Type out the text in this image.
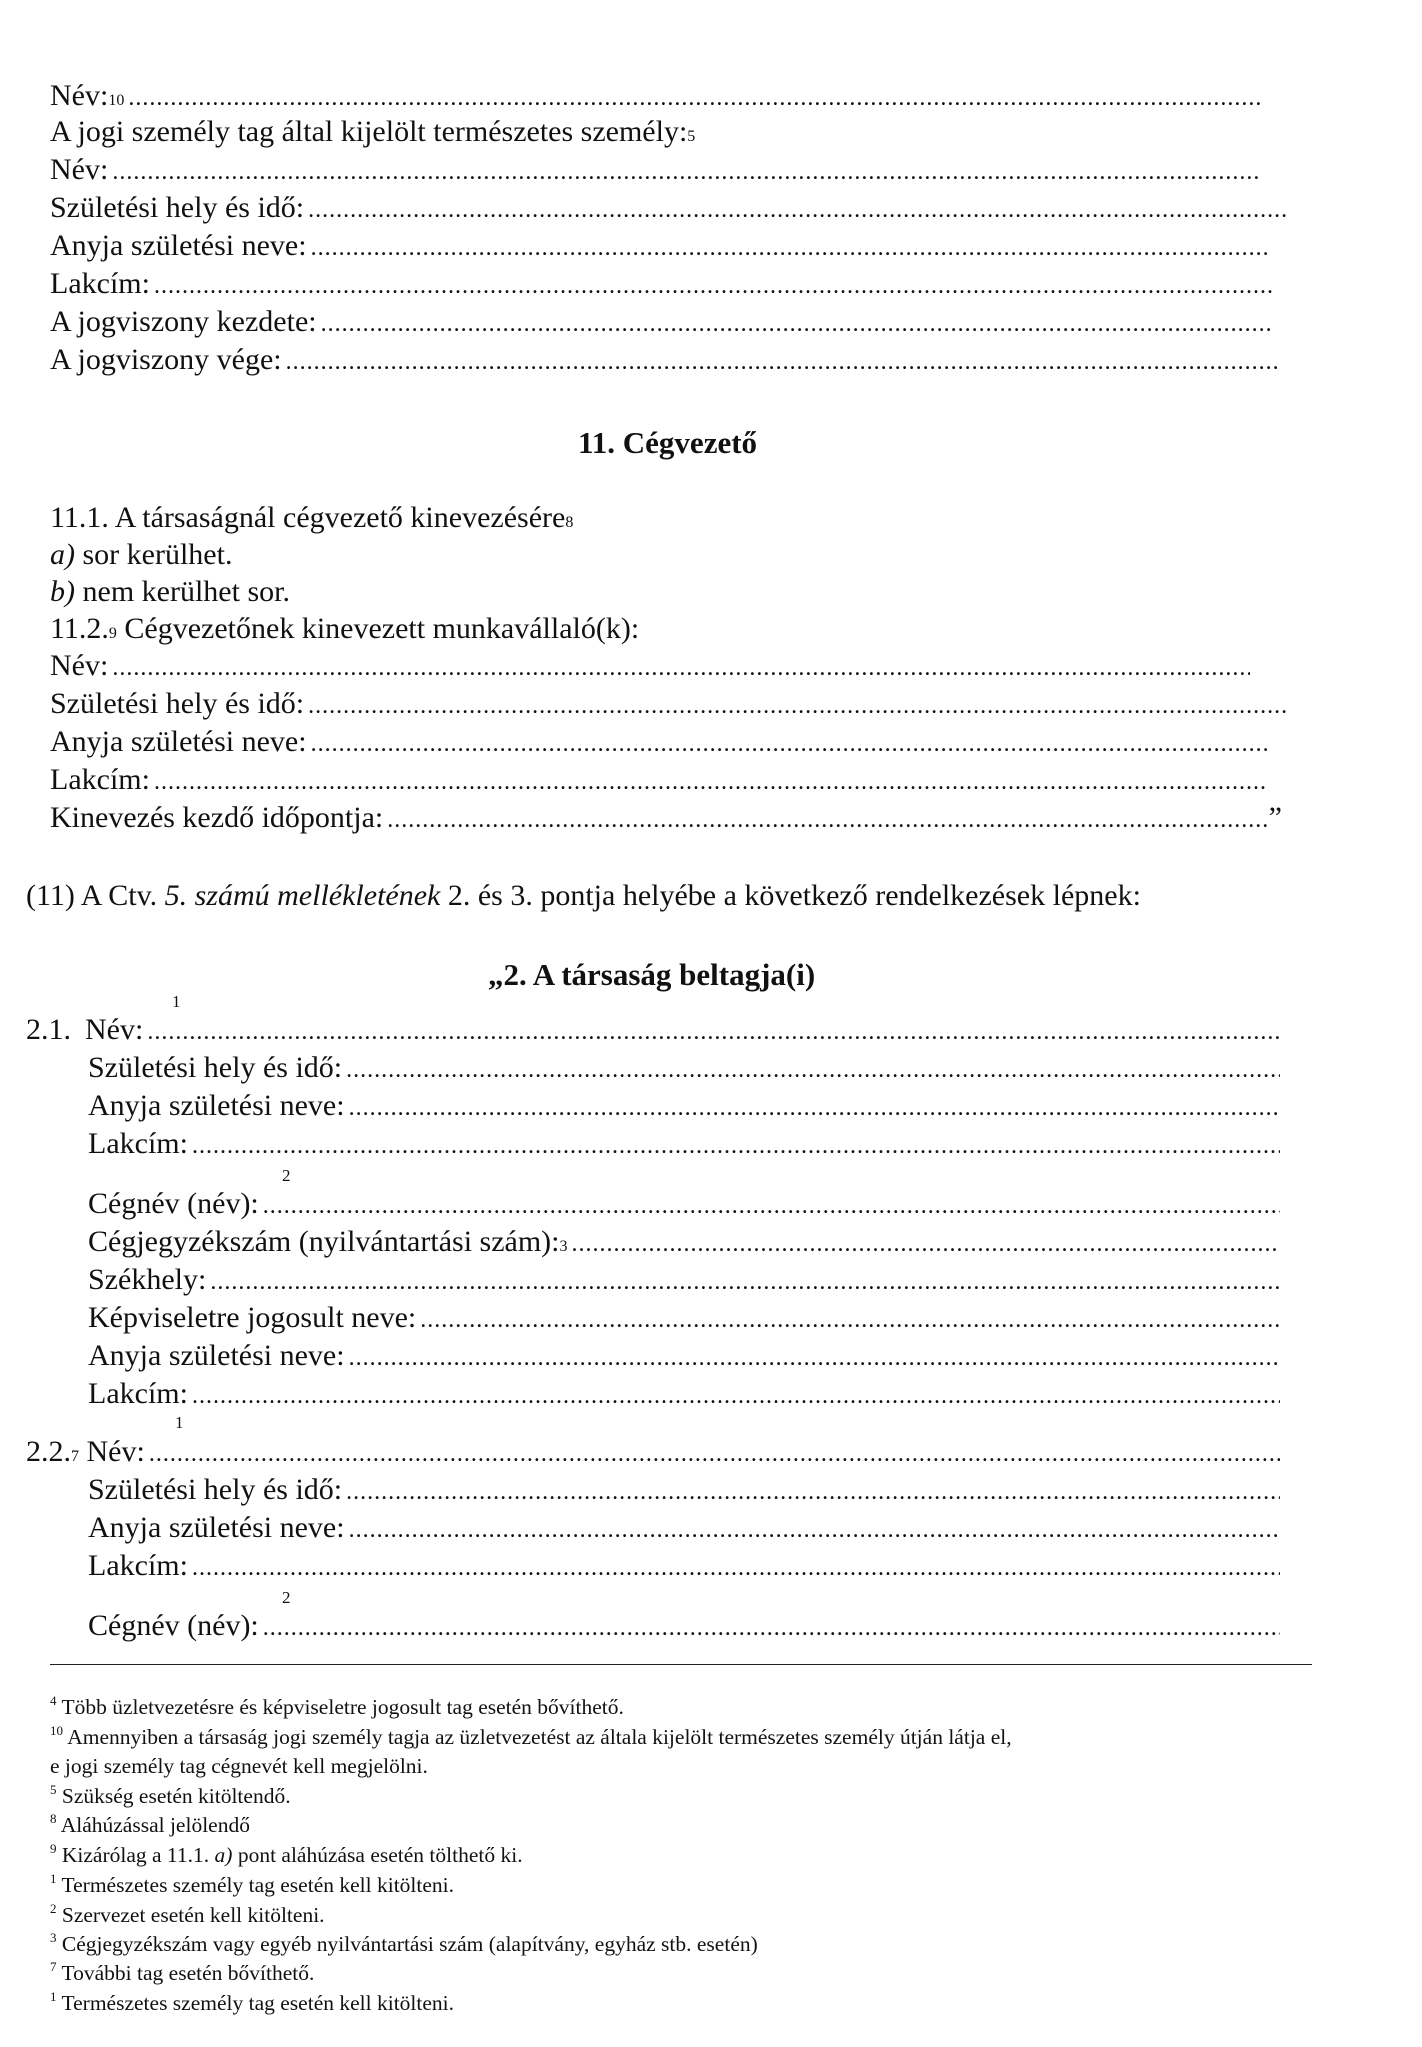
Név: 10
.....
A jogi személy tag által kijelölt természetes személy: 5
Név:
.....
Születési hely és idő:
.....
Anyja születési neve:
.....
Lakcím:
.....
A jogviszony kezdete:
.....
A jogviszony vége:
.....
11. Cégvezető
11.1. A társaságnál cégvezető kinevezésére 8
a)
sor kerülhet.
b)
nem kerülhet sor.
11.2. 9
Cégvezetőnek kinevezett munkavállaló(k):
Név:
.....
Születési hely és idő:
.....
Anyja születési neve:
.....
Lakcím:
.....
Kinevezés kezdő időpontja:
.....	”
(11) A Ctv. 5. számú mellékletének 2. és 3. pontja helyébe a következő rendelkezések lépnek:
„2. A társaság beltagja(i)
1
2.1. Név:
.....
Születési hely és idő:
.....
Anyja születési neve:
.....
Lakcím:
.....
2
Cégnév (név):
.....
Cégjegyzékszám (nyilvántartási szám): 3
.....
Székhely:
.....
Képviseletre jogosult neve:
.....
Anyja születési neve:
.....
Lakcím:
.....
1
2.2. 7
Név:
.....
Születési hely és idő:
.....
Anyja születési neve:
.....
Lakcím:
.....
2
Cégnév (név):
.....
$^4$ Több üzletvezetésre és képviseletre jogosult tag esetén bővíthető.
$^{10}$ Amennyiben a társaság jogi személy tagja az üzletvezetést az általa kijelölt természetes személy útján látja el,
e jogi személy tag cégnevét kell megjelölni.
$^5$ Szükség esetén kitöltendő.
$^8$ Aláhúzással jelölendő
$^9$ Kizárólag a 11.1. a) pont aláhúzása esetén tölthető ki.
$^1$ Természetes személy tag esetén kell kitölteni.
$^2$ Szervezet esetén kell kitölteni.
$^3$ Cégjegyzékszám vagy egyéb nyilvántartási szám (alapítvány, egyház stb. esetén)
$^7$ További tag esetén bővíthető.
$^1$ Természetes személy tag esetén kell kitölteni.
